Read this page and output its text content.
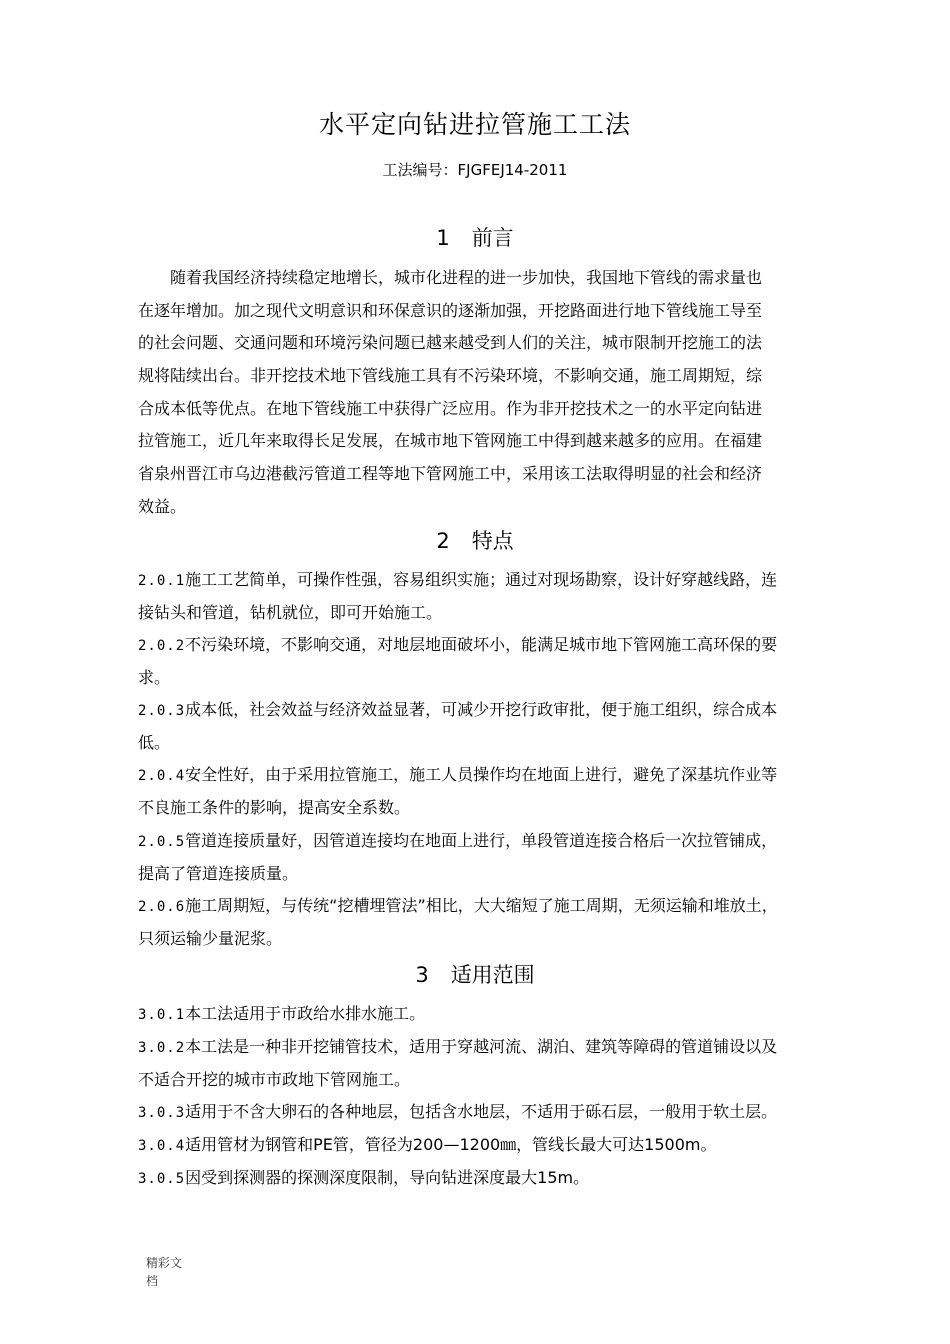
水平定向钻进拉管施工工法

工法编号：FJGFEJ14-2011

1 前言
　　随着我国经济持续稳定地增长，城市化进程的进一步加快，我国地下管线的需求量也
在逐年增加。加之现代文明意识和环保意识的逐渐加强，开挖路面进行地下管线施工导至
的社会问题、交通问题和环境污染问题已越来越受到人们的关注，城市限制开挖施工的法
规将陆续出台。非开挖技术地下管线施工具有不污染环境，不影响交通，施工周期短，综
合成本低等优点。在地下管线施工中获得广泛应用。作为非开挖技术之一的水平定向钻进
拉管施工，近几年来取得长足发展，在城市地下管网施工中得到越来越多的应用。在福建
省泉州晋江市乌边港截污管道工程等地下管网施工中，采用该工法取得明显的社会和经济
效益。
2 特点
2.0.1施工工艺简单，可操作性强，容易组织实施；通过对现场勘察，设计好穿越线路，连
接钻头和管道，钻机就位，即可开始施工。
2.0.2不污染环境，不影响交通，对地层地面破坏小，能满足城市地下管网施工高环保的要
求。
2.0.3成本低，社会效益与经济效益显著，可减少开挖行政审批，便于施工组织，综合成本
低。
2.0.4安全性好，由于采用拉管施工，施工人员操作均在地面上进行，避免了深基坑作业等
不良施工条件的影响，提高安全系数。
2.0.5管道连接质量好，因管道连接均在地面上进行，单段管道连接合格后一次拉管铺成，
提高了管道连接质量。
2.0.6施工周期短，与传统“挖槽埋管法”相比，大大缩短了施工周期，无须运输和堆放土，
只须运输少量泥浆。
3 适用范围
3.0.1本工法适用于市政给水排水施工。
3.0.2本工法是一种非开挖铺管技术，适用于穿越河流、湖泊、建筑等障碍的管道铺设以及
不适合开挖的城市市政地下管网施工。
3.0.3适用于不含大卵石的各种地层，包括含水地层，不适用于砾石层，一般用于软土层。
3.0.4适用管材为钢管和PE管，管径为200—1200㎜，管线长最大可达1500m。
3.0.5因受到探测器的探测深度限制，导向钻进深度最大15m。
精彩文
档
